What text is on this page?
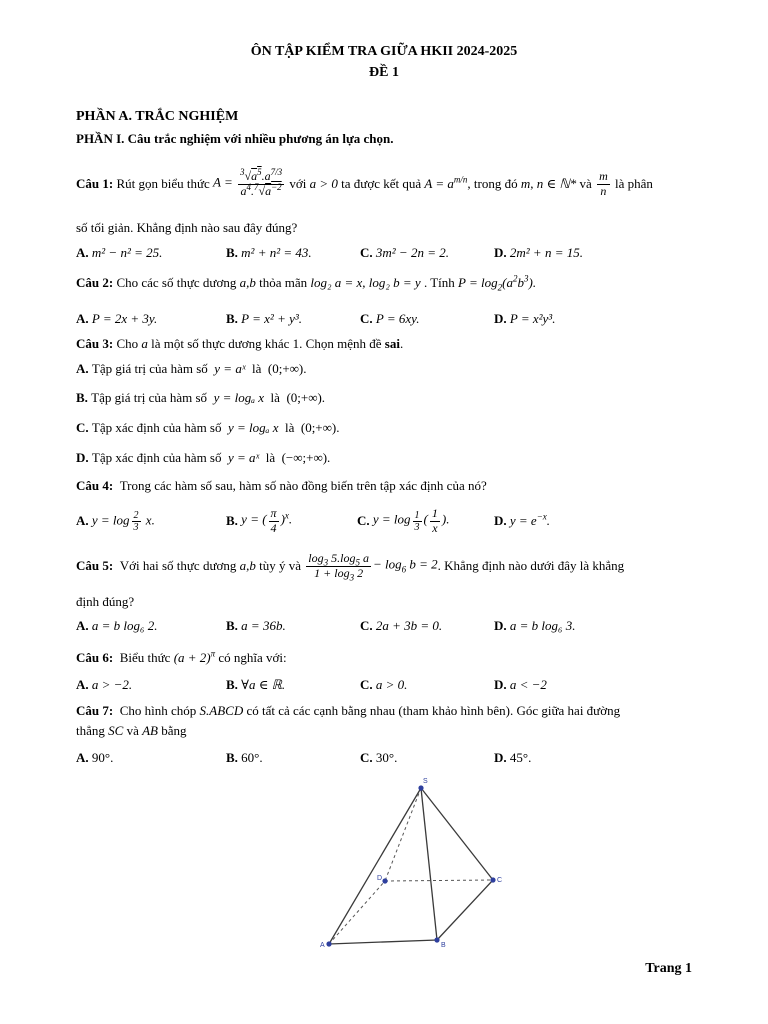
ÔN TẬP KIỂM TRA GIỮA HKII 2024-2025
ĐỀ 1
PHẦN A. TRẮC NGHIỆM
PHẦN I. Câu trắc nghiệm với nhiều phương án lựa chọn.
Câu 1:
Rút gọn biểu thức
$A = \frac{^3√a^5.a^{7/3}}{a^4.^7√a^{-2}}$
với
a > 0
ta được kết quả
$A = a^{m/n}$ , trong đó
m , n ∈ ℕ*
và
$\frac{m}{n}$
là phân
số tối giản. Khẳng định nào sau đây đúng?
A. m² − n² = 25.	B. m² + n² = 43.	C. 3m² − 2n = 2.	D. 2m² + n = 15.
Câu 2: Cho các số thực dương a,b thỏa mãn log₂ a = x, log₂ b = y . Tính $P = \log_2(a^2b^3)$.
A. P = 2x + 3y.	B. P = x² + y³.	C. P = 6xy.	D. P = x²y³.
Câu 3: Cho a là một số thực dương khác 1. Chọn mệnh đề sai.
A. Tập giá trị của hàm số y = aˣ là (0;+∞).
B. Tập giá trị của hàm số y = logₐ x là (0;+∞).
C. Tập xác định của hàm số y = logₐ x là (0;+∞).
D. Tập xác định của hàm số y = aˣ là (−∞;+∞).
Câu 4: Trong các hàm số sau, hàm số nào đồng biến trên tập xác định của nó?
A.
$y = \log \frac{2}{3} x$.	B.
y = ( $\frac{\pi}{4} )^x$.	C.
$y = \log \frac{1}{3}$ ( $\frac{1}{x}$ ).	D.
$y = e^{-x}$.
Câu 5:
Với hai số thực dương
a,b
tùy ý và
$\frac{\log_3 5.\log_5 a}{1 + \log_3 2} - \log_6 b = 2$ . Khẳng định nào dưới đây là khẳng
định đúng?
A. a = b log₆ 2.	B. a = 36b.	C. 2a + 3b = 0.	D. a = b log₆ 3.
Câu 6: Biểu thức $(a + 2)^\pi$ có nghĩa với:
A. a > −2.	B. ∀a ∈ ℝ.	C. a > 0.	D. a < −2
Câu 7: Cho hình chóp S.ABCD có tất cả các cạnh bằng nhau (tham khảo hình bên). Góc giữa hai đường
thẳng SC và AB bằng
A. 90°.	B. 60°.	C. 30°.	D. 45°.
S
A	B
C
D
Trang 1
